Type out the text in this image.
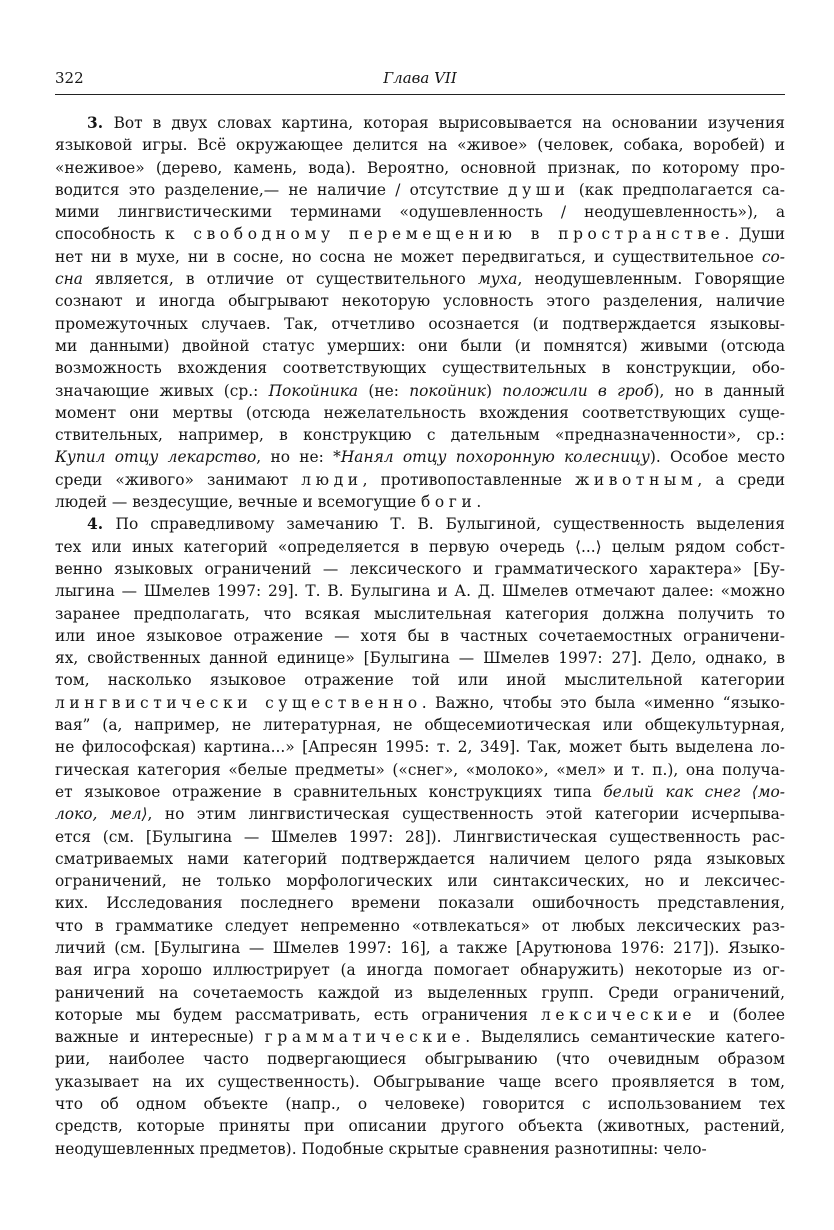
322	Глава VII
3. Вот в двух словах картина, которая вырисовывается на основании изучения
языковой игры. Всё окружающее делится на «живое» (человек, собака, воробей) и
«неживое» (дерево, камень, вода). Вероятно, основной признак, по которому про-
водится это разделение,— не наличие / отсутствие души (как предполагается са-
мими лингвистическими терминами «одушевленность / неодушевленность»), а
способность к свободному перемещению в пространстве. Души
нет ни в мухе, ни в сосне, но сосна не может передвигаться, и существительное со-
сна является, в отличие от существительного муха, неодушевленным. Говорящие
сознают и иногда обыгрывают некоторую условность этого разделения, наличие
промежуточных случаев. Так, отчетливо осознается (и подтверждается языковы-
ми данными) двойной статус умерших: они были (и помнятся) живыми (отсюда
возможность вхождения соответствующих существительных в конструкции, обо-
значающие живых (ср.: Покойника (не: покойник) положили в гроб), но в данный
момент они мертвы (отсюда нежелательность вхождения соответствующих суще-
ствительных, например, в конструкцию с дательным «предназначенности», ср.:
Купил отцу лекарство, но не: *Нанял отцу похоронную колесницу). Особое место
среди «живого» занимают люди, противопоставленные животным, а среди
людей — вездесущие, вечные и всемогущие боги.
4. По справедливому замечанию Т. В. Булыгиной, существенность выделения
тех или иных категорий «определяется в первую очередь ⟨...⟩ целым рядом собст-
венно языковых ограничений — лексического и грамматического характера» [Бу-
лыгина — Шмелев 1997: 29]. Т. В. Булыгина и А. Д. Шмелев отмечают далее: «можно
заранее предполагать, что всякая мыслительная категория должна получить то
или иное языковое отражение — хотя бы в частных сочетаемостных ограничени-
ях, свойственных данной единице» [Булыгина — Шмелев 1997: 27]. Дело, однако, в
том, насколько языковое отражение той или иной мыслительной категории
лингвистически существенно. Важно, чтобы это была «именно “языко-
вая” (а, например, не литературная, не общесемиотическая или общекультурная,
не философская) картина...» [Апресян 1995: т. 2, 349]. Так, может быть выделена ло-
гическая категория «белые предметы» («снег», «молоко», «мел» и т. п.), она получа-
ет языковое отражение в сравнительных конструкциях типа белый как снег ⟨мо-
локо, мел⟩, но этим лингвистическая существенность этой категории исчерпыва-
ется (см. [Булыгина — Шмелев 1997: 28]). Лингвистическая существенность рас-
сматриваемых нами категорий подтверждается наличием целого ряда языковых
ограничений, не только морфологических или синтаксических, но и лексичес-
ких. Исследования последнего времени показали ошибочность представления,
что в грамматике следует непременно «отвлекаться» от любых лексических раз-
личий (см. [Булыгина — Шмелев 1997: 16], а также [Арутюнова 1976: 217]). Языко-
вая игра хорошо иллюстрирует (а иногда помогает обнаружить) некоторые из ог-
раничений на сочетаемость каждой из выделенных групп. Среди ограничений,
которые мы будем рассматривать, есть ограничения лексические и (более
важные и интересные) грамматические. Выделялись семантические катего-
рии, наиболее часто подвергающиеся обыгрыванию (что очевидным образом
указывает на их существенность). Обыгрывание чаще всего проявляется в том,
что об одном объекте (напр., о человеке) говорится с использованием тех
средств, которые приняты при описании другого объекта (животных, растений,
неодушевленных предметов). Подобные скрытые сравнения разнотипны: чело-
